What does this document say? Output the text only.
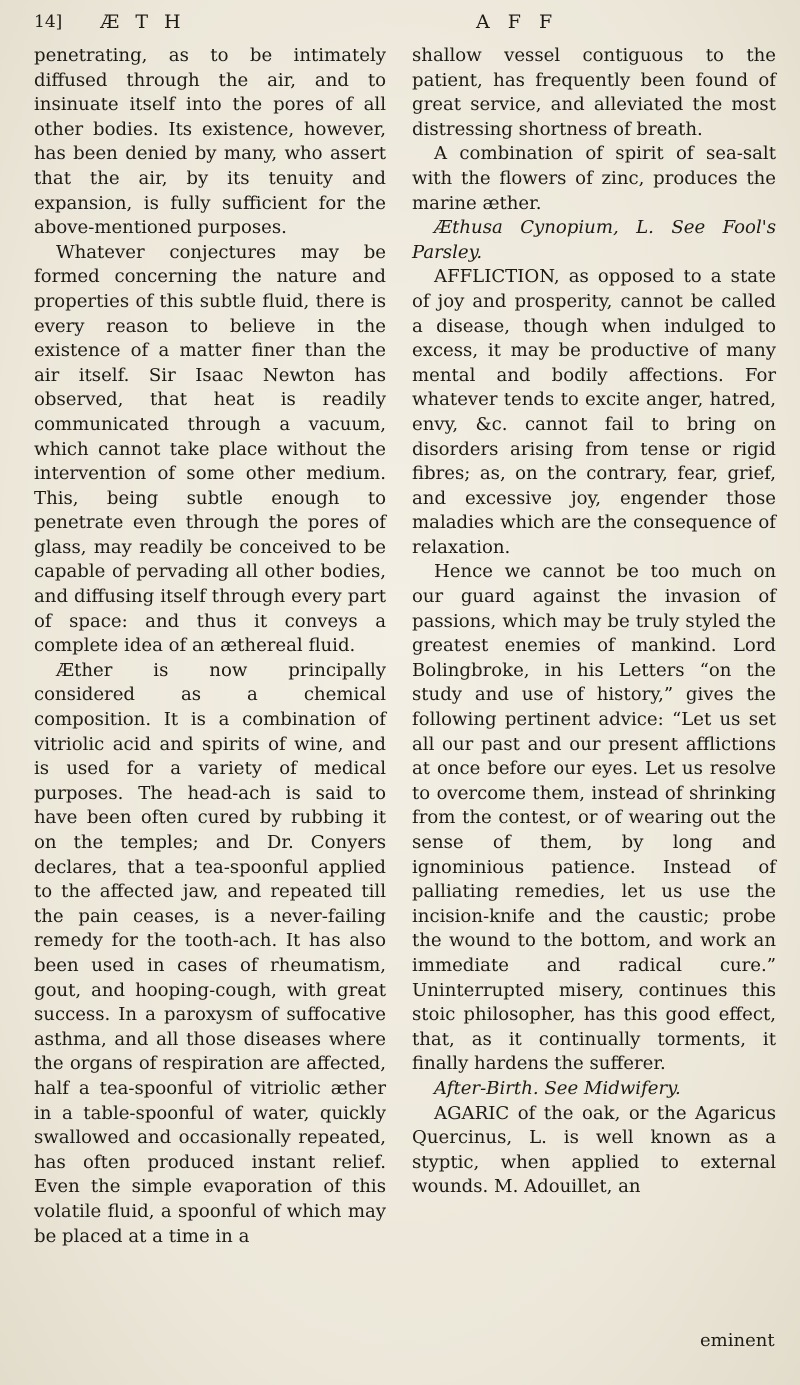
14] Æ T H	A F F

penetrating, as to be intimately diffused through the air, and to insinuate itself into the pores of all other bodies. Its existence, however, has been denied by many, who assert that the air, by its tenuity and expansion, is fully sufficient for the above-mentioned purposes.

Whatever conjectures may be formed concerning the nature and properties of this subtle fluid, there is every reason to believe in the existence of a matter finer than the air itself. Sir Isaac Newton has observed, that heat is readily communicated through a vacuum, which cannot take place without the intervention of some other medium. This, being subtle enough to penetrate even through the pores of glass, may readily be conceived to be capable of pervading all other bodies, and diffusing itself through every part of space: and thus it conveys a complete idea of an æthereal fluid.

Æther is now principally considered as a chemical composition. It is a combination of vitriolic acid and spirits of wine, and is used for a variety of medical purposes. The head-ach is said to have been often cured by rubbing it on the temples; and Dr. Conyers declares, that a tea-spoonful applied to the affected jaw, and repeated till the pain ceases, is a never-failing remedy for the tooth-ach. It has also been used in cases of rheumatism, gout, and hooping-cough, with great success. In a paroxysm of suffocative asthma, and all those diseases where the organs of respiration are affected, half a tea-spoonful of vitriolic æther in a table-spoonful of water, quickly swallowed and occasionally repeated, has often produced instant relief. Even the simple evaporation of this volatile fluid, a spoonful of which may be placed at a time in a

shallow vessel contiguous to the patient, has frequently been found of great service, and alleviated the most distressing shortness of breath.

A combination of spirit of sea-salt with the flowers of zinc, produces the marine æther.

Æthusa Cynopium, L. See Fool's Parsley.

AFFLICTION, as opposed to a state of joy and prosperity, cannot be called a disease, though when indulged to excess, it may be productive of many mental and bodily affections. For whatever tends to excite anger, hatred, envy, &c. cannot fail to bring on disorders arising from tense or rigid fibres; as, on the contrary, fear, grief, and excessive joy, engender those maladies which are the consequence of relaxation.

Hence we cannot be too much on our guard against the invasion of passions, which may be truly styled the greatest enemies of mankind. Lord Bolingbroke, in his Letters “on the study and use of history,” gives the following pertinent advice: “Let us set all our past and our present afflictions at once before our eyes. Let us resolve to overcome them, instead of shrinking from the contest, or of wearing out the sense of them, by long and ignominious patience. Instead of palliating remedies, let us use the incision-knife and the caustic; probe the wound to the bottom, and work an immediate and radical cure.” Uninterrupted misery, continues this stoic philosopher, has this good effect, that, as it continually torments, it finally hardens the sufferer.

After-Birth. See Midwifery.

AGARIC of the oak, or the Agaricus Quercinus, L. is well known as a styptic, when applied to external wounds. M. Adouillet, an

eminent
